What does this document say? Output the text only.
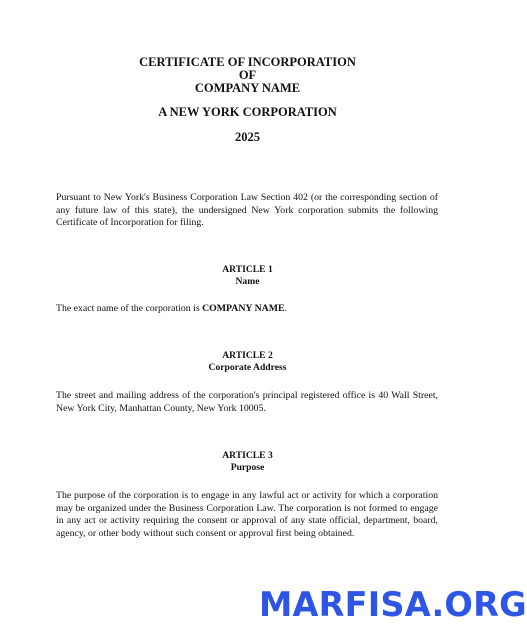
CERTIFICATE OF INCORPORATION
OF
COMPANY NAME
A NEW YORK CORPORATION
2025
Pursuant to New York's Business Corporation Law Section 402 (or the corresponding section of any future law of this state), the undersigned New York corporation submits the following Certificate of Incorporation for filing.
ARTICLE 1
Name
The exact name of the corporation is COMPANY NAME.
ARTICLE 2
Corporate Address
The street and mailing address of the corporation's principal registered office is 40 Wall Street, New York City, Manhattan County, New York 10005.
ARTICLE 3
Purpose
The purpose of the corporation is to engage in any lawful act or activity for which a corporation may be organized under the Business Corporation Law. The corporation is not formed to engage in any act or activity requiring the consent or approval of any state official, department, board, agency, or other body without such consent or approval first being obtained.
MARFISA.ORG
